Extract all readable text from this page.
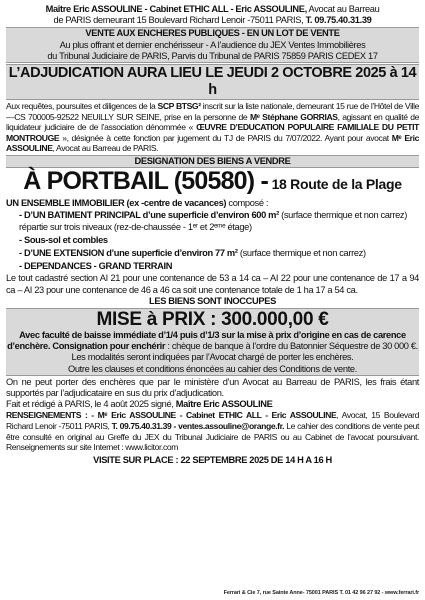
Maître Eric ASSOULINE - Cabinet ETHIC ALL - Eric ASSOULINE, Avocat au Barreau
de PARIS demeurant 15 Boulevard Richard Lenoir -75011 PARIS, T. 09.75.40.31.39
VENTE AUX ENCHERES PUBLIQUES - EN UN LOT DE VENTE
Au plus offrant et dernier enchérisseur - A l’audience du JEX Ventes Immobilières
du Tribunal Judiciaire de PARIS, Parvis du Tribunal de PARIS 75859 PARIS CEDEX 17
L’ADJUDICATION AURA LIEU LE JEUDI 2 OCTOBRE 2025 à 14 h
Aux requêtes, poursuites et diligences de la SCP BTSG² inscrit sur la liste nationale, demeurant 15 rue de l’Hôtel de Ville—CS 700005-92522 NEUILLY SUR SEINE, prise en la personne de Mᵉ Stéphane GORRIAS, agissant en qualité de liquidateur judiciaire de de l’association dénommée « ŒUVRE D’EDUCATION POPULAIRE FAMILIALE DU PETIT MONTROUGE », désignée à cette fonction par jugement du TJ de PARIS du 7/07/2022. Ayant pour avocat Mᵉ Eric ASSOULINE, Avocat au Barreau de PARIS.
DESIGNATION DES BIENS A VENDRE
À PORTBAIL (50580) - 18 Route de la Plage
UN ENSEMBLE IMMOBILIER (ex -centre de vacances) composé :
- D’UN BATIMENT PRINCIPAL d’une superficie d’environ 600 m² (surface thermique et non carrez) répartie sur trois niveaux (rez-de-chaussée - 1ᵉʳ et 2ᵉᵐᵉ étage)
- Sous-sol et combles
- D’UNE EXTENSION d’une superficie d’environ 77 m² (surface thermique et non carrez)
- DEPENDANCES - GRAND TERRAIN
Le tout cadastré section AI 21 pour une contenance de 53 a 14 ca – AI 22 pour une contenance de 17 a 94 ca – AI 23 pour une contenance de 46 a 46 ca soit une contenance totale de 1 ha 17 a 54 ca.
LES BIENS SONT INOCCUPES
MISE à PRIX : 300.000,00 €
Avec faculté de baisse immédiate d’1/4 puis d’1/3 sur la mise à prix d’origine en cas de carence d’enchère. Consignation pour enchérir : chèque de banque à l’ordre du Batonnier Séquestre de 30 000 €. Les modalités seront indiquées par l’Avocat chargé de porter les enchères.
Outre les clauses et conditions énoncées au cahier des Conditions de vente.
On ne peut porter des enchères que par le ministère d’un Avocat au Barreau de PARIS, les frais étant supportés par l’adjudicataire en sus du prix d’adjudication.
Fait et rédigé à PARIS, le 4 août 2025 signé, Maître Eric ASSOULINE
RENSEIGNEMENTS : - Mᵉ Eric ASSOULINE - Cabinet ETHIC ALL - Eric ASSOULINE, Avocat, 15 Boulevard Richard Lenoir -75011 PARIS, T. 09.75.40.31.39 - ventes.assouline@orange.fr. Le cahier des conditions de vente peut être consulté en original au Greffe du JEX du Tribunal Judiciaire de PARIS ou au Cabinet de l’avocat poursuivant. Renseignements sur site Internet : www.licitor.com
VISITE SUR PLACE : 22 SEPTEMBRE 2025 DE 14 H A 16 H
Ferrari & Cie 7, rue Sainte Anne- 75001 PARIS T. 01 42 96 27 92 - www.ferrari.fr
